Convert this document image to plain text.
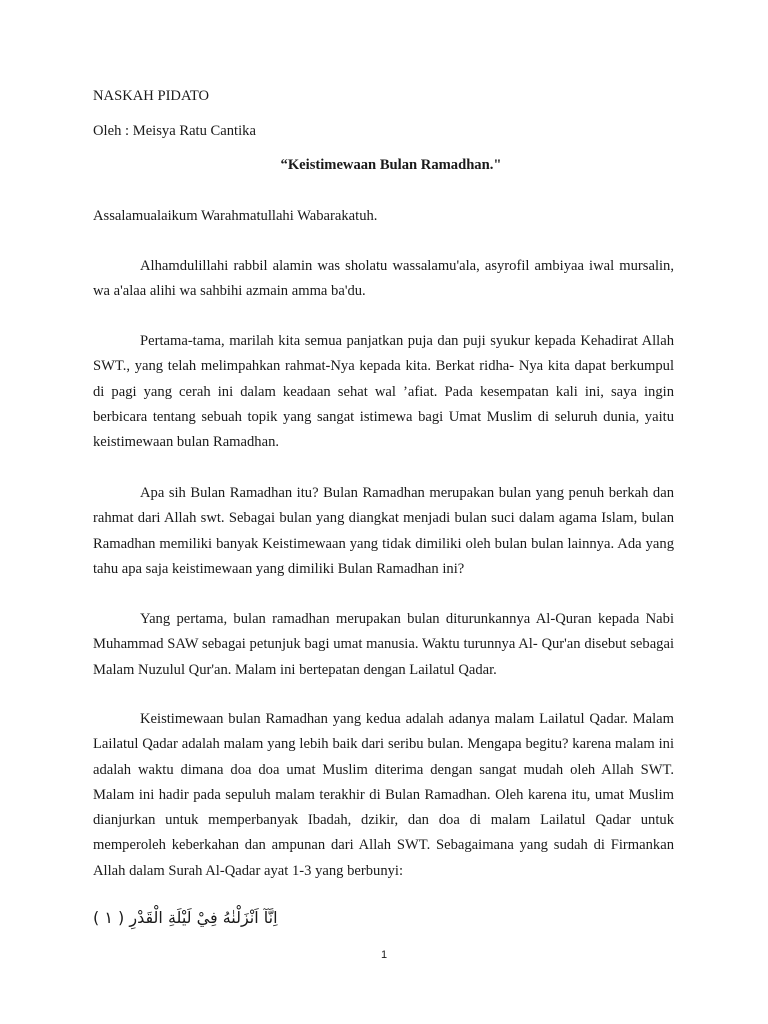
NASKAH PIDATO
Oleh : Meisya Ratu Cantika
“Keistimewaan Bulan Ramadhan."
Assalamualaikum Warahmatullahi Wabarakatuh.

Alhamdulillahi rabbil alamin was sholatu wassalamu'ala, asyrofil ambiyaa iwal mursalin, wa a'alaa alihi wa sahbihi azmain amma ba'du.

Pertama-tama, marilah kita semua panjatkan puja dan puji syukur kepada Kehadirat Allah SWT., yang telah melimpahkan rahmat-Nya kepada kita. Berkat ridha- Nya kita dapat berkumpul di pagi yang cerah ini dalam keadaan sehat wal ’afiat. Pada kesempatan kali ini, saya ingin berbicara tentang sebuah topik yang sangat istimewa bagi Umat Muslim di seluruh dunia, yaitu keistimewaan bulan Ramadhan.

Apa sih Bulan Ramadhan itu? Bulan Ramadhan merupakan bulan yang penuh berkah dan rahmat dari Allah swt. Sebagai bulan yang diangkat menjadi bulan suci dalam agama Islam, bulan Ramadhan memiliki banyak Keistimewaan yang tidak dimiliki oleh bulan bulan lainnya. Ada yang tahu apa saja keistimewaan yang dimiliki Bulan Ramadhan ini?

Yang pertama, bulan ramadhan merupakan bulan diturunkannya Al-Quran kepada Nabi Muhammad SAW sebagai petunjuk bagi umat manusia. Waktu turunnya Al- Qur'an disebut sebagai Malam Nuzulul Qur'an. Malam ini bertepatan dengan Lailatul Qadar.

Keistimewaan bulan Ramadhan yang kedua adalah adanya malam Lailatul Qadar. Malam Lailatul Qadar adalah malam yang lebih baik dari seribu bulan. Mengapa begitu? karena malam ini adalah waktu dimana doa doa umat Muslim diterima dengan sangat mudah oleh Allah SWT. Malam ini hadir pada sepuluh malam terakhir di Bulan Ramadhan. Oleh karena itu, umat Muslim dianjurkan untuk memperbanyak Ibadah, dzikir, dan doa di malam Lailatul Qadar untuk memperoleh keberkahan dan ampunan dari Allah SWT. Sebagaimana yang sudah di Firmankan Allah dalam Surah Al-Qadar ayat 1-3 yang berbunyi:

اِنَّآ اَنْزَلْنٰهُ فِيْ لَيْلَةِ الْقَدْرِ ( ١ )
1
